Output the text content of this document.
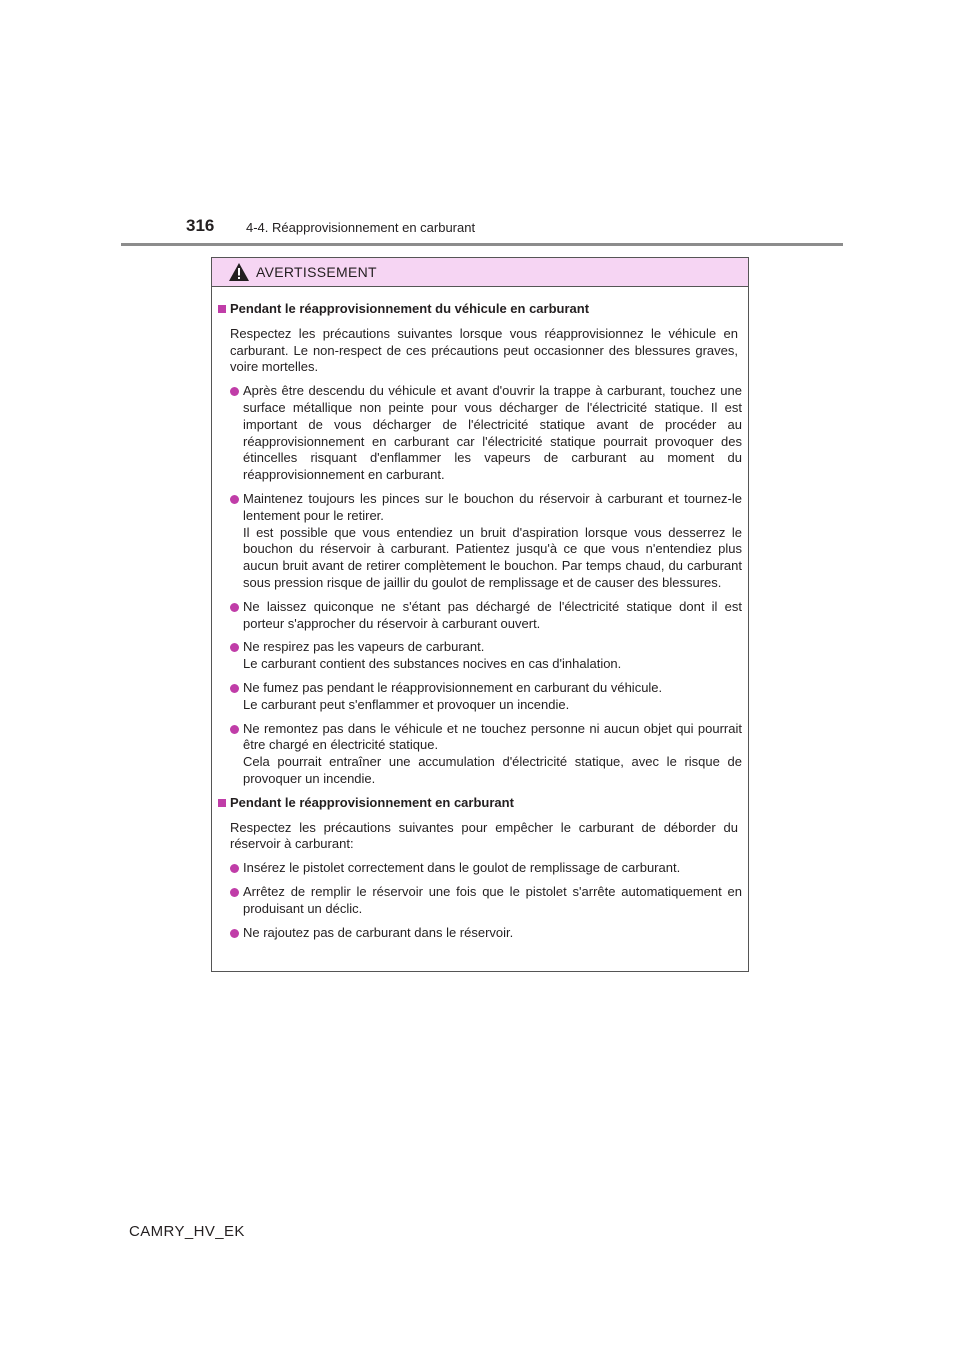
316 4-4. Réapprovisionnement en carburant
AVERTISSEMENT
Pendant le réapprovisionnement du véhicule en carburant
Respectez les précautions suivantes lorsque vous réapprovisionnez le véhicule en carburant. Le non-respect de ces précautions peut occasionner des blessures graves, voire mortelles.

Après être descendu du véhicule et avant d'ouvrir la trappe à carburant, touchez une surface métallique non peinte pour vous décharger de l'électricité statique. Il est important de vous décharger de l'électricité statique avant de procéder au réapprovisionnement en carburant car l'électricité statique pourrait provoquer des étincelles risquant d'enflammer les vapeurs de carburant au moment du réapprovisionnement en carburant.

Maintenez toujours les pinces sur le bouchon du réservoir à carburant et tournez-le lentement pour le retirer.

Il est possible que vous entendiez un bruit d'aspiration lorsque vous desserrez le bouchon du réservoir à carburant. Patientez jusqu'à ce que vous n'entendiez plus aucun bruit avant de retirer complètement le bouchon. Par temps chaud, du carburant sous pression risque de jaillir du goulot de remplissage et de causer des blessures.

Ne laissez quiconque ne s'étant pas déchargé de l'électricité statique dont il est porteur s'approcher du réservoir à carburant ouvert.

Ne respirez pas les vapeurs de carburant.

Le carburant contient des substances nocives en cas d'inhalation.

Ne fumez pas pendant le réapprovisionnement en carburant du véhicule.

Le carburant peut s'enflammer et provoquer un incendie.

Ne remontez pas dans le véhicule et ne touchez personne ni aucun objet qui pourrait être chargé en électricité statique.

Cela pourrait entraîner une accumulation d'électricité statique, avec le risque de provoquer un incendie.

Pendant le réapprovisionnement en carburant
Respectez les précautions suivantes pour empêcher le carburant de déborder du réservoir à carburant:

Insérez le pistolet correctement dans le goulot de remplissage de carburant.

Arrêtez de remplir le réservoir une fois que le pistolet s'arrête automatiquement en produisant un déclic.

Ne rajoutez pas de carburant dans le réservoir.

CAMRY_HV_EK
